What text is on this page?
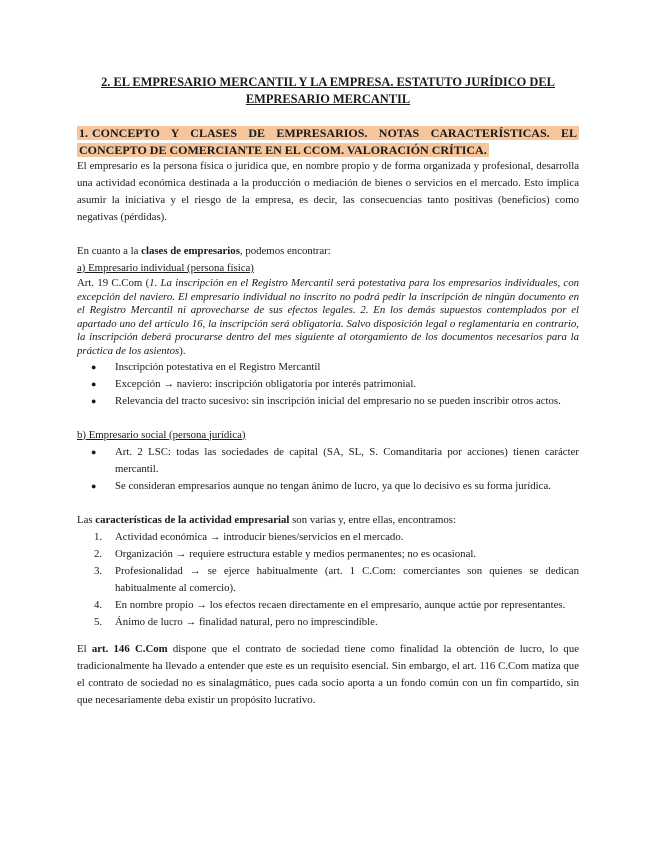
2. EL EMPRESARIO MERCANTIL Y LA EMPRESA. ESTATUTO JURÍDICO DEL EMPRESARIO MERCANTIL
1. CONCEPTO Y CLASES DE EMPRESARIOS. NOTAS CARACTERÍSTICAS. EL CONCEPTO DE COMERCIANTE EN EL CCOM. VALORACIÓN CRÍTICA.

El empresario es la persona física o jurídica que, en nombre propio y de forma organizada y profesional, desarrolla una actividad económica destinada a la producción o mediación de bienes o servicios en el mercado. Esto implica asumir la iniciativa y el riesgo de la empresa, es decir, las consecuencias tanto positivas (beneficios) como negativas (pérdidas).

En cuanto a la clases de empresarios, podemos encontrar:

a) Empresario individual (persona física)

Art. 19 C.Com (1. La inscripción en el Registro Mercantil será potestativa para los empresarios individuales, con excepción del naviero. El empresario individual no inscrito no podrá pedir la inscripción de ningún documento en el Registro Mercantil ni aprovecharse de sus efectos legales. 2. En los demás supuestos contemplados por el apartado uno del artículo 16, la inscripción será obligatoria. Salvo disposición legal o reglamentaria en contrario, la inscripción deberá procurarse dentro del mes siguiente al otorgamiento de los documentos necesarios para la práctica de los asientos).

● Inscripción potestativa en el Registro Mercantil
● Excepción → naviero: inscripción obligatoria por interés patrimonial.
● Relevancia del tracto sucesivo: sin inscripción inicial del empresario no se pueden inscribir otros actos.

b) Empresario social (persona jurídica)

● Art. 2 LSC: todas las sociedades de capital (SA, SL, S. Comanditaria por acciones) tienen carácter mercantil.
● Se consideran empresarios aunque no tengan ánimo de lucro, ya que lo decisivo es su forma jurídica.

Las características de la actividad empresarial son varias y, entre ellas, encontramos:

1. Actividad económica → introducir bienes/servicios en el mercado.
2. Organización → requiere estructura estable y medios permanentes; no es ocasional.
3. Profesionalidad → se ejerce habitualmente (art. 1 C.Com: comerciantes son quienes se dedican habitualmente al comercio).
4. En nombre propio → los efectos recaen directamente en el empresario, aunque actúe por representantes.
5. Ánimo de lucro → finalidad natural, pero no imprescindible.

El art. 146 C.Com dispone que el contrato de sociedad tiene como finalidad la obtención de lucro, lo que tradicionalmente ha llevado a entender que este es un requisito esencial. Sin embargo, el art. 116 C.Com matiza que el contrato de sociedad no es sinalagmático, pues cada socio aporta a un fondo común con un fin compartido, sin que necesariamente deba existir un propósito lucrativo.
